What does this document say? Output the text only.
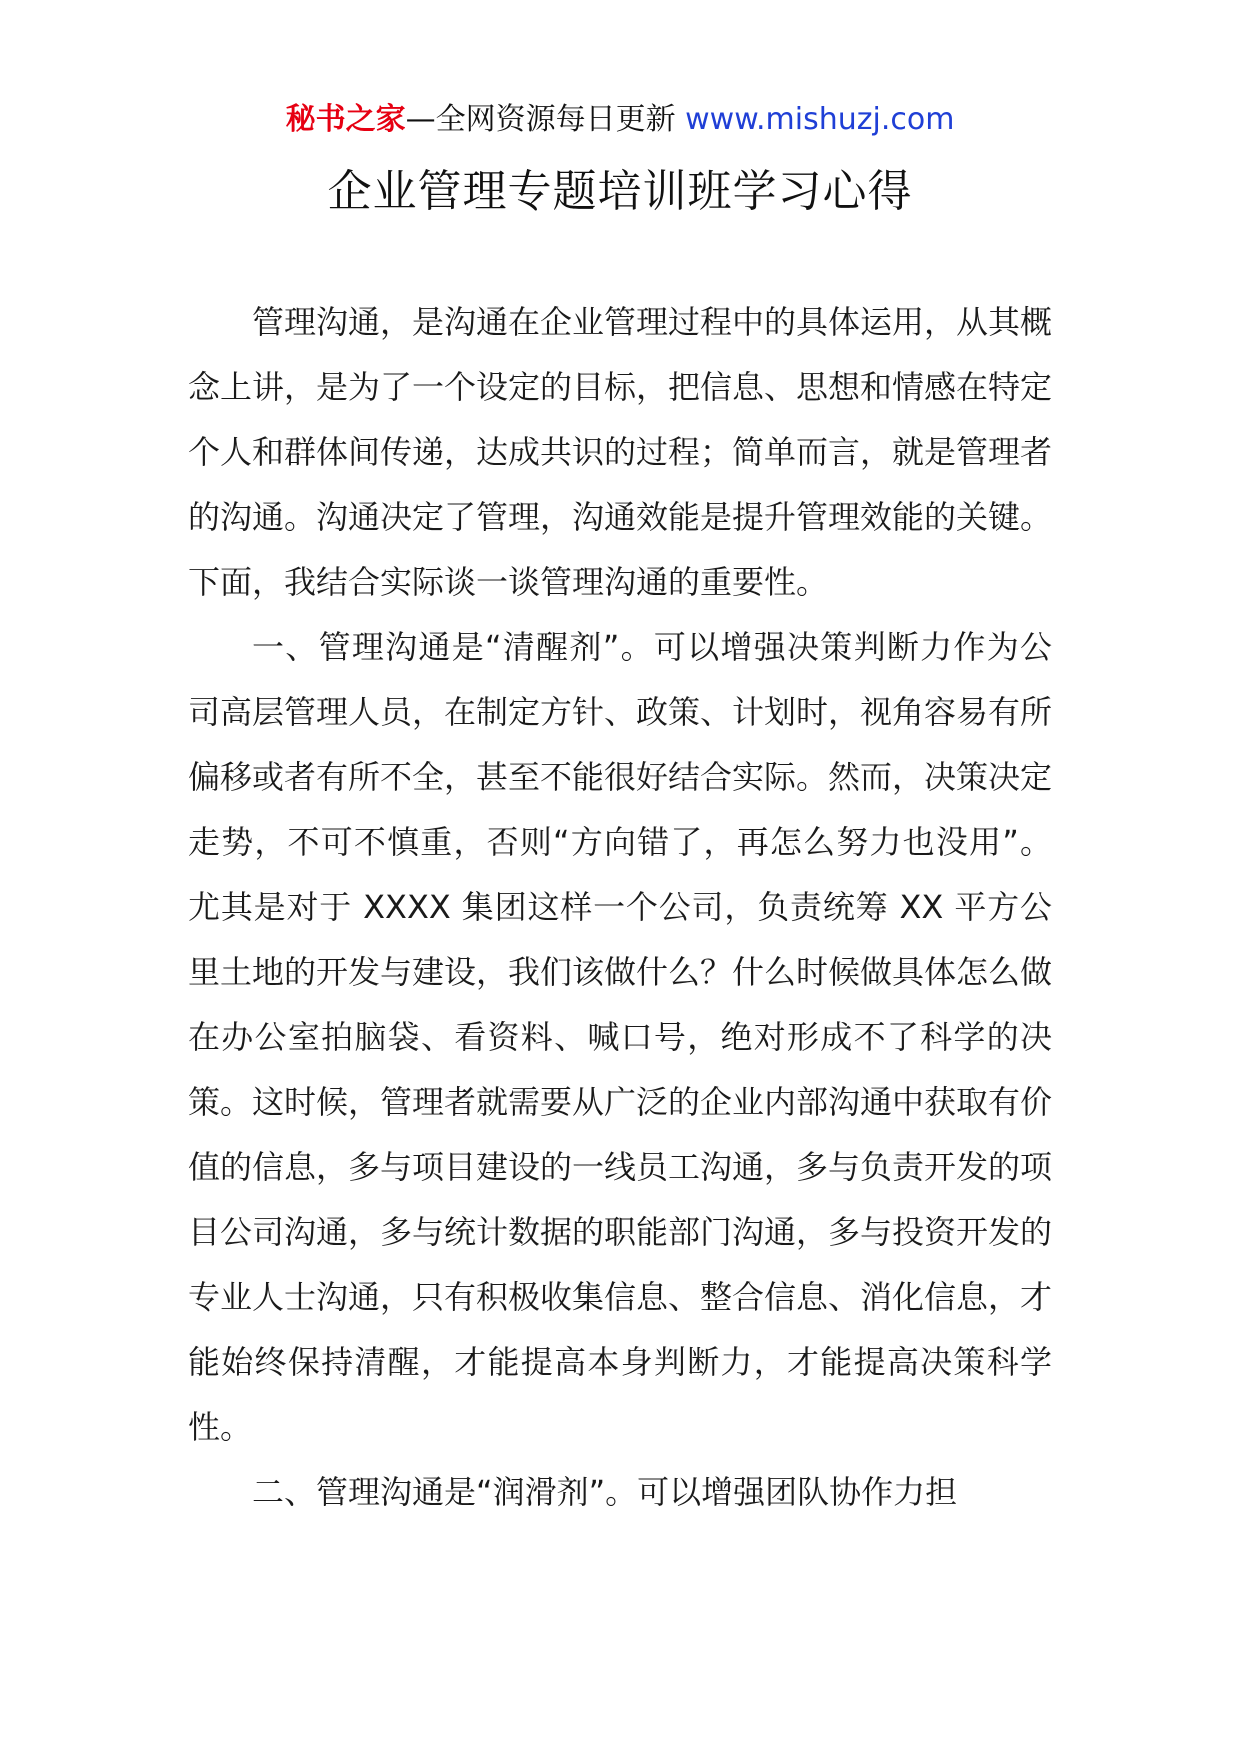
秘书之家—全网资源每日更新 www.mishuzj.com
企业管理专题培训班学习心得

管理沟通，是沟通在企业管理过程中的具体运用，从其概念上讲，是为了一个设定的目标，把信息、思想和情感在特定个人和群体间传递，达成共识的过程；简单而言，就是管理者的沟通。沟通决定了管理，沟通效能是提升管理效能的关键。下面，我结合实际谈一谈管理沟通的重要性。

一、管理沟通是“清醒剂”。可以增强决策判断力作为公司高层管理人员，在制定方针、政策、计划时，视角容易有所偏移或者有所不全，甚至不能很好结合实际。然而，决策决定走势，不可不慎重，否则“方向错了，再怎么努力也没用”。尤其是对于 XXXX 集团这样一个公司，负责统筹 XX 平方公里土地的开发与建设，我们该做什么？什么时候做具体怎么做在办公室拍脑袋、看资料、喊口号，绝对形成不了科学的决策。这时候，管理者就需要从广泛的企业内部沟通中获取有价值的信息，多与项目建设的一线员工沟通，多与负责开发的项目公司沟通，多与统计数据的职能部门沟通，多与投资开发的专业人士沟通，只有积极收集信息、整合信息、消化信息，才能始终保持清醒，才能提高本身判断力，才能提高决策科学性。

二、管理沟通是“润滑剂”。可以增强团队协作力担
